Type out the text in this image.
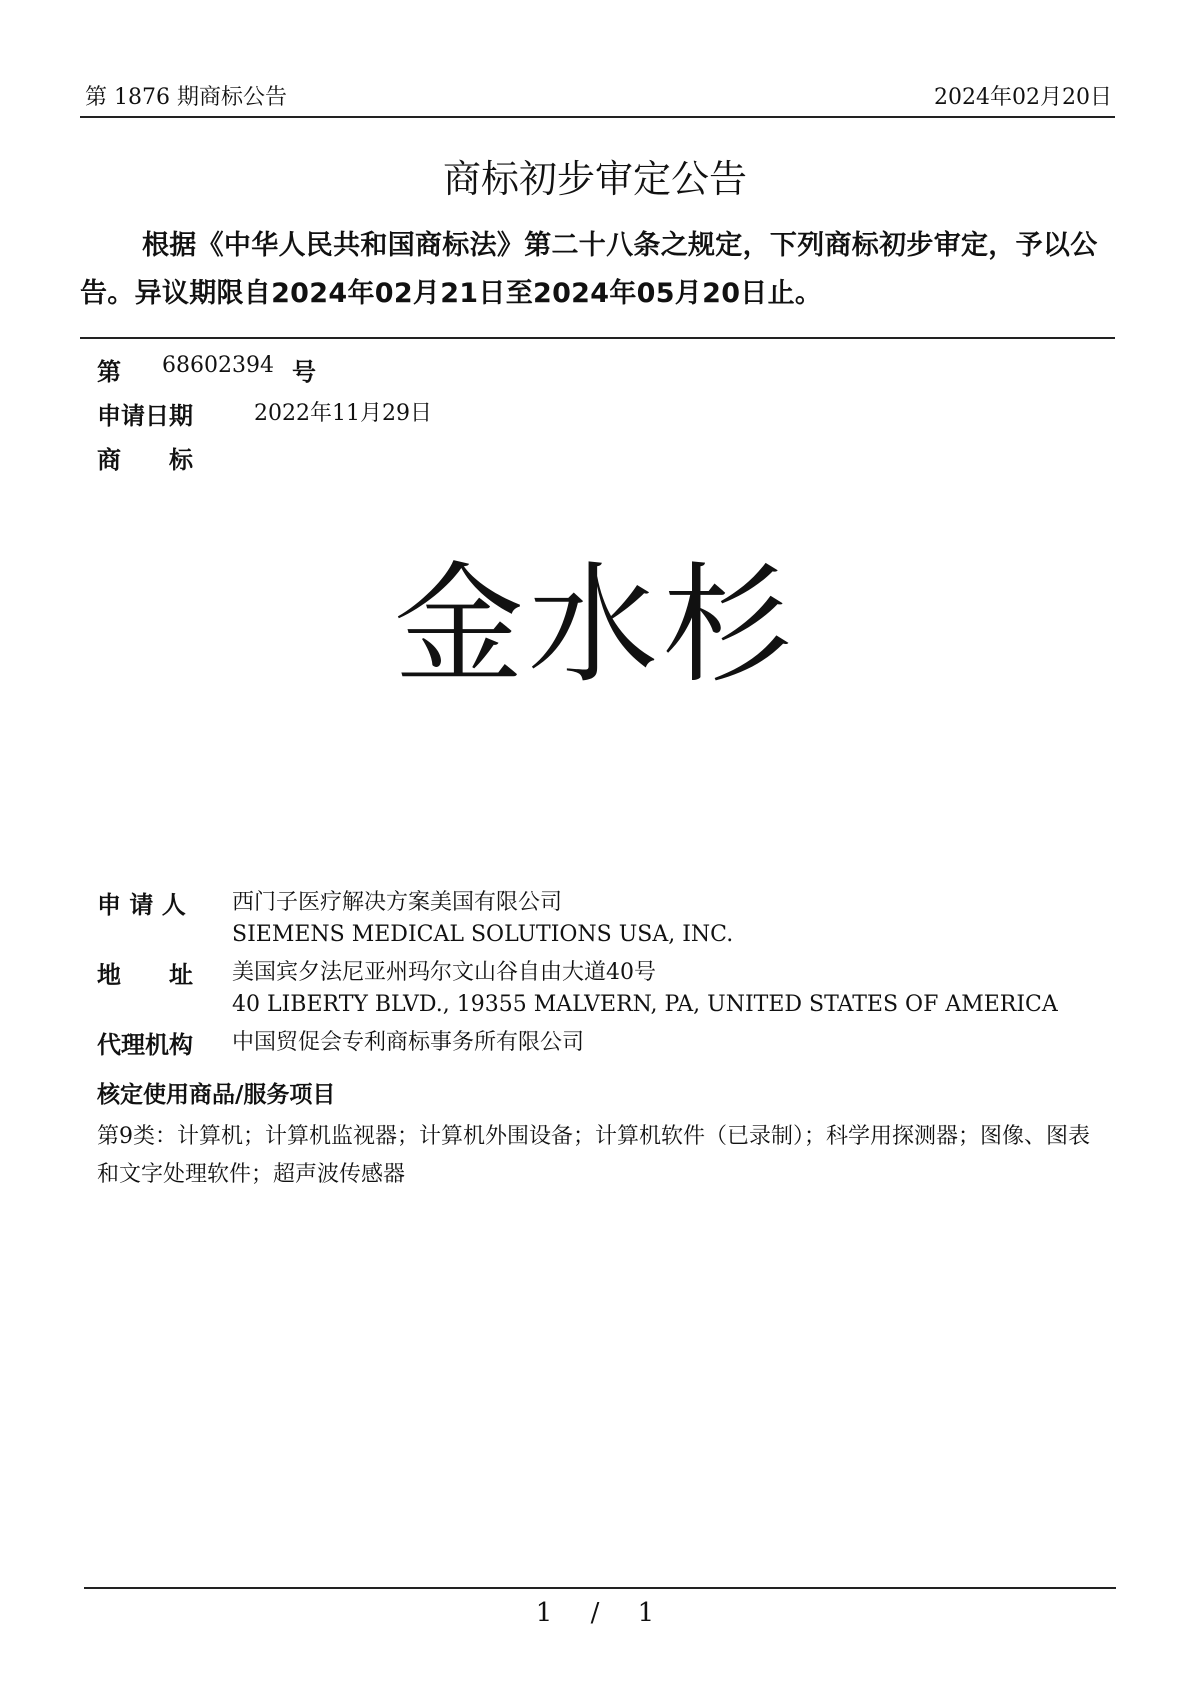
第 1876 期商标公告	2024年02月20日
商标初步审定公告
根据《中华人民共和国商标法》第二十八条之规定，下列商标初步审定，予以公告。异议期限自2024年02月21日至2024年05月20日止。
第 68602394 号
申请日期	2022年11月29日
商　　标
金水杉
申 请 人 西门子医疗解决方案美国有限公司
SIEMENS MEDICAL SOLUTIONS USA, INC.
地　　址 美国宾夕法尼亚州玛尔文山谷自由大道40号
40 LIBERTY BLVD., 19355 MALVERN, PA, UNITED STATES OF AMERICA
代理机构 中国贸促会专利商标事务所有限公司
核定使用商品/服务项目
第9类：计算机；计算机监视器；计算机外围设备；计算机软件（已录制）；科学用探测器；图像、图表和文字处理软件；超声波传感器
1 / 1
